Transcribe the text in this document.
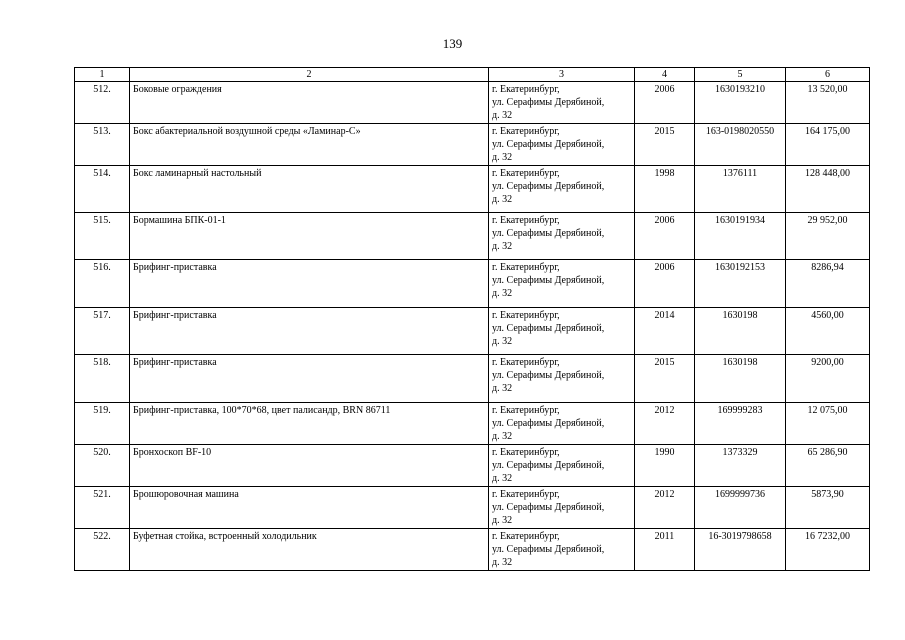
139
1	2	3	4	5	6
512.	Боковые ограждения	г. Екатеринбург,
ул. Серафимы Дерябиной,
д. 32	2006	1630193210	13 520,00
513.	Бокс абактериальной воздушной среды «Ламинар-С»	г. Екатеринбург,
ул. Серафимы Дерябиной,
д. 32	2015	163-0198020550	164 175,00
514.	Бокс ламинарный настольный	г. Екатеринбург,
ул. Серафимы Дерябиной,
д. 32	1998	1376111	128 448,00
515.	Бормашина БПК-01-1	г. Екатеринбург,
ул. Серафимы Дерябиной,
д. 32	2006	1630191934	29 952,00
516.	Брифинг-приставка	г. Екатеринбург,
ул. Серафимы Дерябиной,
д. 32	2006	1630192153	8286,94
517.	Брифинг-приставка	г. Екатеринбург,
ул. Серафимы Дерябиной,
д. 32	2014	1630198	4560,00
518.	Брифинг-приставка	г. Екатеринбург,
ул. Серафимы Дерябиной,
д. 32	2015	1630198	9200,00
519.	Брифинг-приставка, 100*70*68, цвет палисандр, BRN 86711	г. Екатеринбург,
ул. Серафимы Дерябиной,
д. 32	2012	169999283	12 075,00
520.	Бронхоскоп BF-10	г. Екатеринбург,
ул. Серафимы Дерябиной,
д. 32	1990	1373329	65 286,90
521.	Брошюровочная машина	г. Екатеринбург,
ул. Серафимы Дерябиной,
д. 32	2012	1699999736	5873,90
522.	Буфетная стойка, встроенный холодильник	г. Екатеринбург,
ул. Серафимы Дерябиной,
д. 32	2011	16-3019798658	16 7232,00
